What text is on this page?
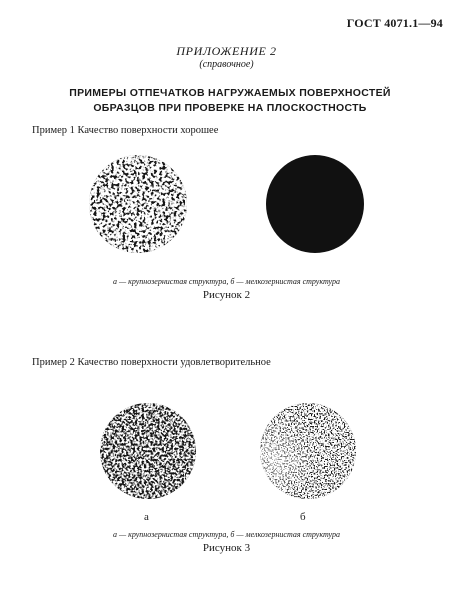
ГОСТ 4071.1—94
ПРИЛОЖЕНИЕ 2
(справочное)
ПРИМЕРЫ ОТПЕЧАТКОВ НАГРУЖАЕМЫХ ПОВЕРХНОСТЕЙ
ОБРАЗЦОВ ПРИ ПРОВЕРКЕ НА ПЛОСКОСТНОСТЬ
Пример 1 Качество поверхности хорошее
а — крупнозернистая структура, б — мелкозернистая структура
Рисунок 2
Пример 2 Качество поверхности удовлетворительное
а	б
а — крупнозернистая структура, б — мелкозернистая структура
Рисунок 3
